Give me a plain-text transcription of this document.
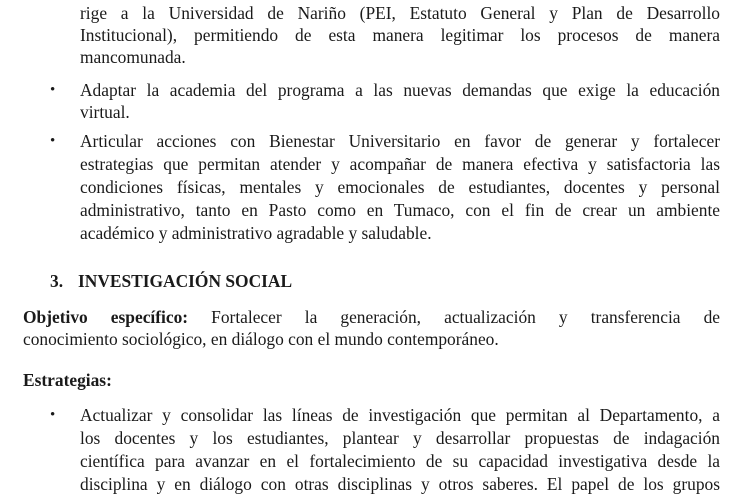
rige a la Universidad de Nariño (PEI, Estatuto General y Plan de Desarrollo
Institucional), permitiendo de esta manera legitimar los procesos de manera
mancomunada.
•	Adaptar la academia del programa a las nuevas demandas que exige la educación
virtual.
•	Articular acciones con Bienestar Universitario en favor de generar y fortalecer
estrategias que permitan atender y acompañar de manera efectiva y satisfactoria las
condiciones físicas, mentales y emocionales de estudiantes, docentes y personal
administrativo, tanto en Pasto como en Tumaco, con el fin de crear un ambiente
académico y administrativo agradable y saludable.
3. INVESTIGACIÓN SOCIAL
Objetivo específico: Fortalecer la generación, actualización y transferencia de
conocimiento sociológico, en diálogo con el mundo contemporáneo.
Estrategias:
•	Actualizar y consolidar las líneas de investigación que permitan al Departamento, a
los docentes y los estudiantes, plantear y desarrollar propuestas de indagación
científica para avanzar en el fortalecimiento de su capacidad investigativa desde la
disciplina y en diálogo con otras disciplinas y otros saberes. El papel de los grupos
